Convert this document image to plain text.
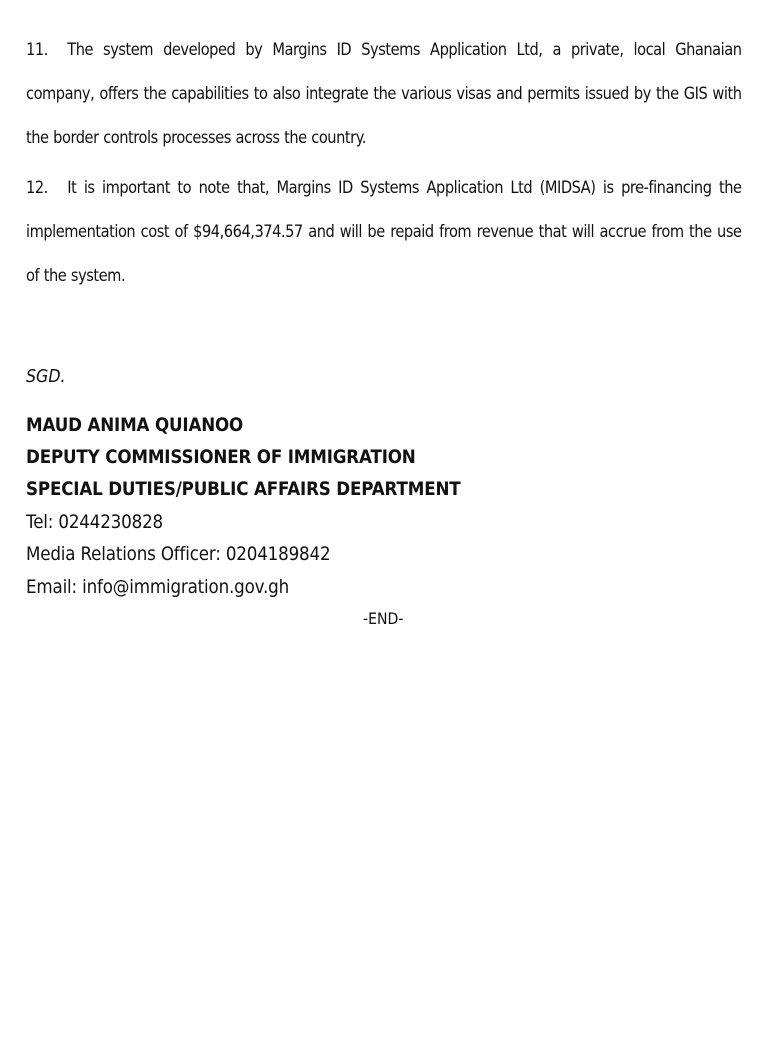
11. The system developed by Margins ID Systems Application Ltd, a private, local Ghanaian company, offers the capabilities to also integrate the various visas and permits issued by the GIS with the border controls processes across the country.
12. It is important to note that, Margins ID Systems Application Ltd (MIDSA) is pre-financing the implementation cost of $94,664,374.57 and will be repaid from revenue that will accrue from the use of the system.
SGD.
MAUD ANIMA QUIANOO
DEPUTY COMMISSIONER OF IMMIGRATION
SPECIAL DUTIES/PUBLIC AFFAIRS DEPARTMENT
Tel: 0244230828
Media Relations Officer: 0204189842
Email: info@immigration.gov.gh
-END-
